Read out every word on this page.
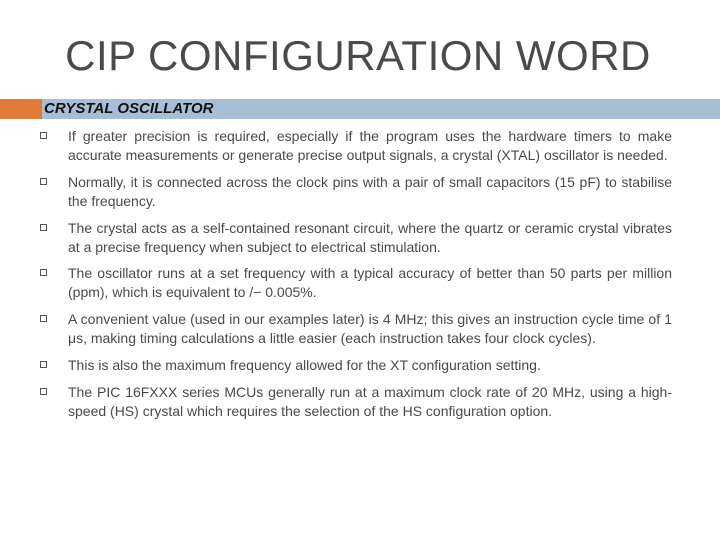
CIP CONFIGURATION WORD
CRYSTAL OSCILLATOR
If greater precision is required, especially if the program uses the hardware timers to make accurate measurements or generate precise output signals, a crystal (XTAL) oscillator is needed.
Normally, it is connected across the clock pins with a pair of small capacitors (15 pF) to stabilise the frequency.
The crystal acts as a self-contained resonant circuit, where the quartz or ceramic crystal vibrates at a precise frequency when subject to electrical stimulation.
The oscillator runs at a set frequency with a typical accuracy of better than 50 parts per million (ppm), which is equivalent to /− 0.005%.
A convenient value (used in our examples later) is 4 MHz; this gives an instruction cycle time of 1 μs, making timing calculations a little easier (each instruction takes four clock cycles).
This is also the maximum frequency allowed for the XT configuration setting.
The PIC 16FXXX series MCUs generally run at a maximum clock rate of 20 MHz, using a high-speed (HS) crystal which requires the selection of the HS configuration option.
